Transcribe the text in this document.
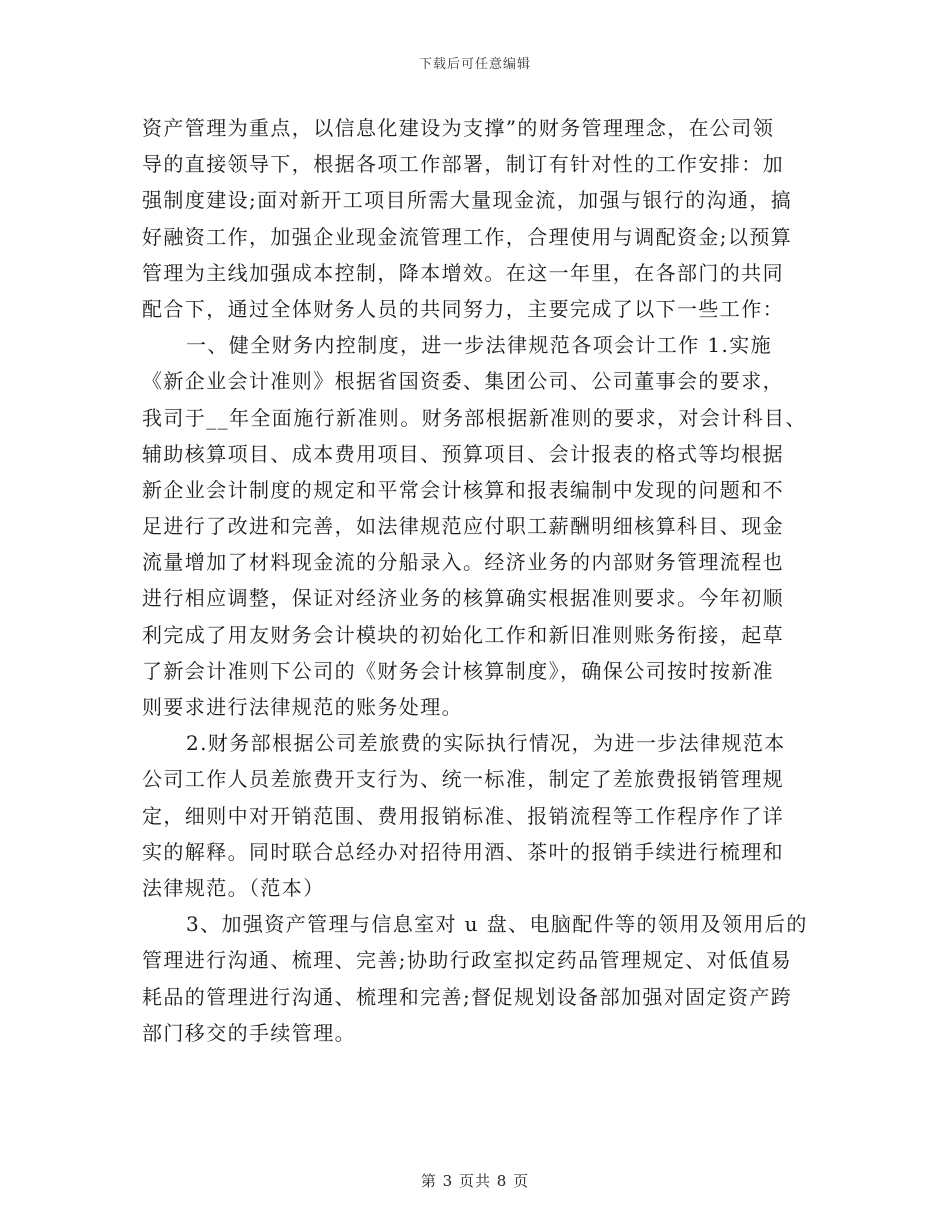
下载后可任意编辑
资产管理为重点，以信息化建设为支撑”的财务管理理念，在公司领
导的直接领导下，根据各项工作部署，制订有针对性的工作安排：加
强制度建设;面对新开工项目所需大量现金流，加强与银行的沟通，搞
好融资工作，加强企业现金流管理工作，合理使用与调配资金;以预算
管理为主线加强成本控制，降本增效。在这一年里，在各部门的共同
配合下，通过全体财务人员的共同努力，主要完成了以下一些工作：
一、健全财务内控制度，进一步法律规范各项会计工作 1.实施
《新企业会计准则》根据省国资委、集团公司、公司董事会的要求，
我司于__年全面施行新准则。财务部根据新准则的要求，对会计科目、
辅助核算项目、成本费用项目、预算项目、会计报表的格式等均根据
新企业会计制度的规定和平常会计核算和报表编制中发现的问题和不
足进行了改进和完善，如法律规范应付职工薪酬明细核算科目、现金
流量增加了材料现金流的分船录入。经济业务的内部财务管理流程也
进行相应调整，保证对经济业务的核算确实根据准则要求。今年初顺
利完成了用友财务会计模块的初始化工作和新旧准则账务衔接，起草
了新会计准则下公司的《财务会计核算制度》，确保公司按时按新准
则要求进行法律规范的账务处理。
2.财务部根据公司差旅费的实际执行情况，为进一步法律规范本
公司工作人员差旅费开支行为、统一标准，制定了差旅费报销管理规
定，细则中对开销范围、费用报销标准、报销流程等工作程序作了详
实的解释。同时联合总经办对招待用酒、茶叶的报销手续进行梳理和
法律规范。（范本）
3、加强资产管理与信息室对 u 盘、电脑配件等的领用及领用后的
管理进行沟通、梳理、完善;协助行政室拟定药品管理规定、对低值易
耗品的管理进行沟通、梳理和完善;督促规划设备部加强对固定资产跨
部门移交的手续管理。
第 3 页共 8 页
